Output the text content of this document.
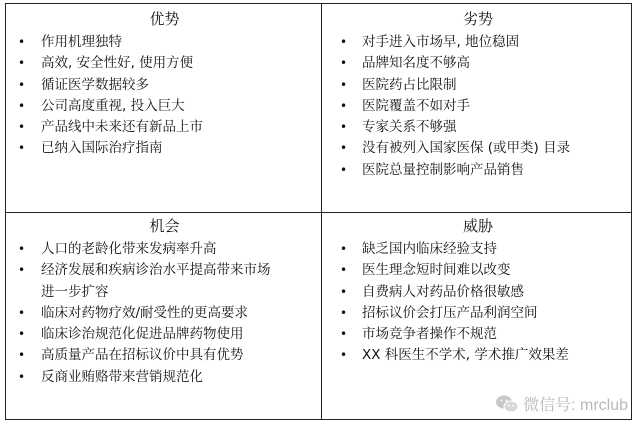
优势
• 作用机理独特
• 高效, 安全性好, 使用方便
• 循证医学数据较多
• 公司高度重视, 投入巨大
• 产品线中未来还有新品上市
• 已纳入国际治疗指南
劣势
• 对手进入市场早, 地位稳固
• 品牌知名度不够高
• 医院药占比限制
• 医院覆盖不如对手
• 专家关系不够强
• 没有被列入国家医保 (或甲类) 目录
• 医院总量控制影响产品销售
机会
• 人口的老龄化带来发病率升高
• 经济发展和疾病诊治水平提高带来市场进一步扩容
• 临床对药物疗效/耐受性的更高要求
• 临床诊治规范化促进品牌药物使用
• 高质量产品在招标议价中具有优势
• 反商业贿赂带来营销规范化
威胁
• 缺乏国内临床经验支持
• 医生理念短时间难以改变
• 自费病人对药品价格很敏感
• 招标议价会打压产品利润空间
• 市场竞争者操作不规范
• XX 科医生不学术, 学术推广效果差
微信号: mrclub
